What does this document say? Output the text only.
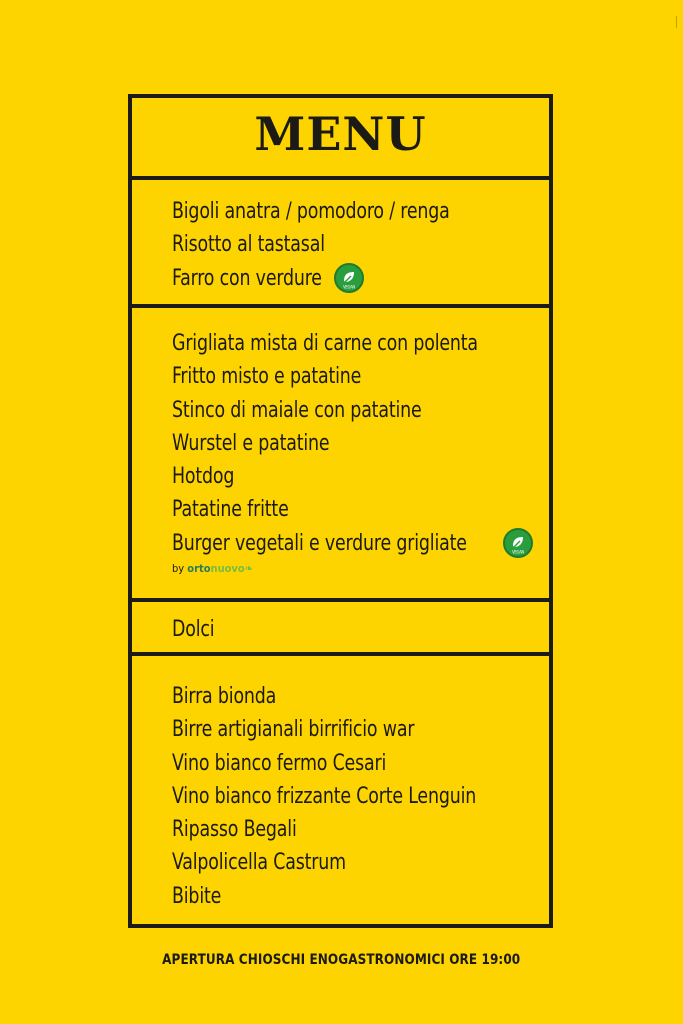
MENU
Bigoli anatra / pomodoro / renga
Risotto al tastasal
Farro con verdure	VEGAN
Grigliata mista di carne con polenta
Fritto misto e patatine
Stinco di maiale con patatine
Wurstel e patatine
Hotdog
Patatine fritte
Burger vegetali e verdure grigliate	VEGAN
by ortonuovo❧
Dolci
Birra bionda
Birre artigianali birrificio war
Vino bianco fermo Cesari
Vino bianco frizzante Corte Lenguin
Ripasso Begali
Valpolicella Castrum
Bibite
APERTURA CHIOSCHI ENOGASTRONOMICI ORE 19:00
